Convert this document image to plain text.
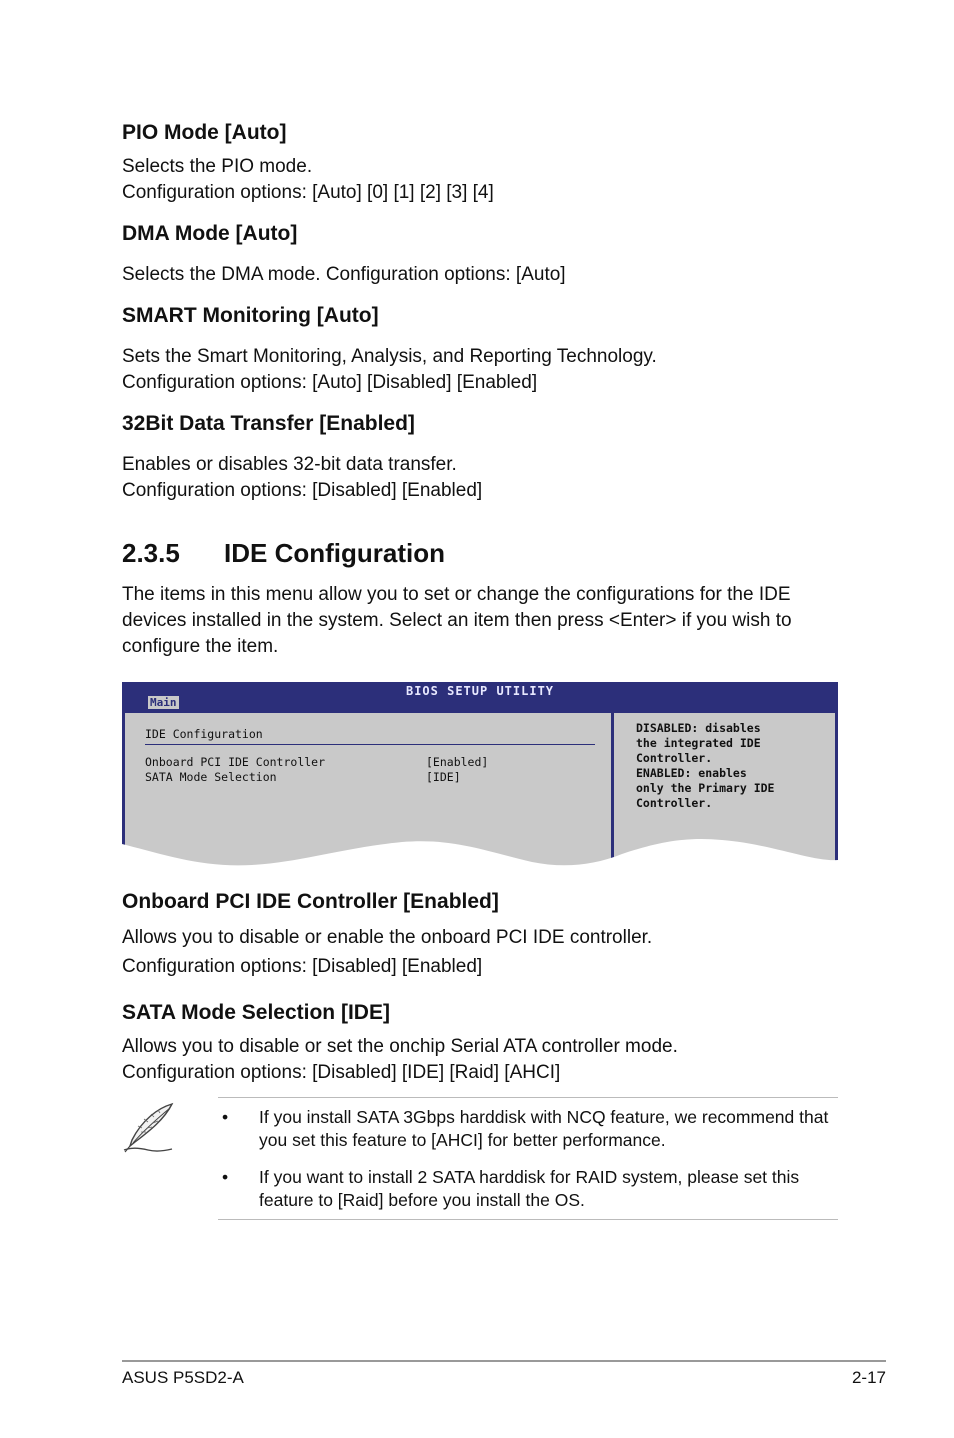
PIO Mode [Auto]
Selects the PIO mode.
Configuration options: [Auto] [0] [1] [2] [3] [4]
DMA Mode [Auto]
Selects the DMA mode. Configuration options: [Auto]
SMART Monitoring [Auto]
Sets the Smart Monitoring, Analysis, and Reporting Technology.
Configuration options: [Auto] [Disabled] [Enabled]
32Bit Data Transfer [Enabled]
Enables or disables 32-bit data transfer.
Configuration options: [Disabled] [Enabled]
2.3.5 IDE Configuration
The items in this menu allow you to set or change the configurations for the IDE
devices installed in the system. Select an item then press <Enter> if you wish to
configure the item.
BIOS SETUP UTILITY
Main
IDE Configuration
Onboard PCI IDE Controller	[Enabled]
SATA Mode Selection	[IDE]
DISABLED: disables
the integrated IDE
Controller.
ENABLED: enables
only the Primary IDE
Controller.
Onboard PCI IDE Controller [Enabled]
Allows you to disable or enable the onboard PCI IDE controller.
Configuration options: [Disabled] [Enabled]
SATA Mode Selection [IDE]
Allows you to disable or set the onchip Serial ATA controller mode.
Configuration options: [Disabled] [IDE] [Raid] [AHCI]
• If you install SATA 3Gbps harddisk with NCQ feature, we recommend that
you set this feature to [AHCI] for better performance.
• If you want to install 2 SATA harddisk for RAID system, please set this
feature to [Raid] before you install the OS.
ASUS P5SD2-A	2-17
